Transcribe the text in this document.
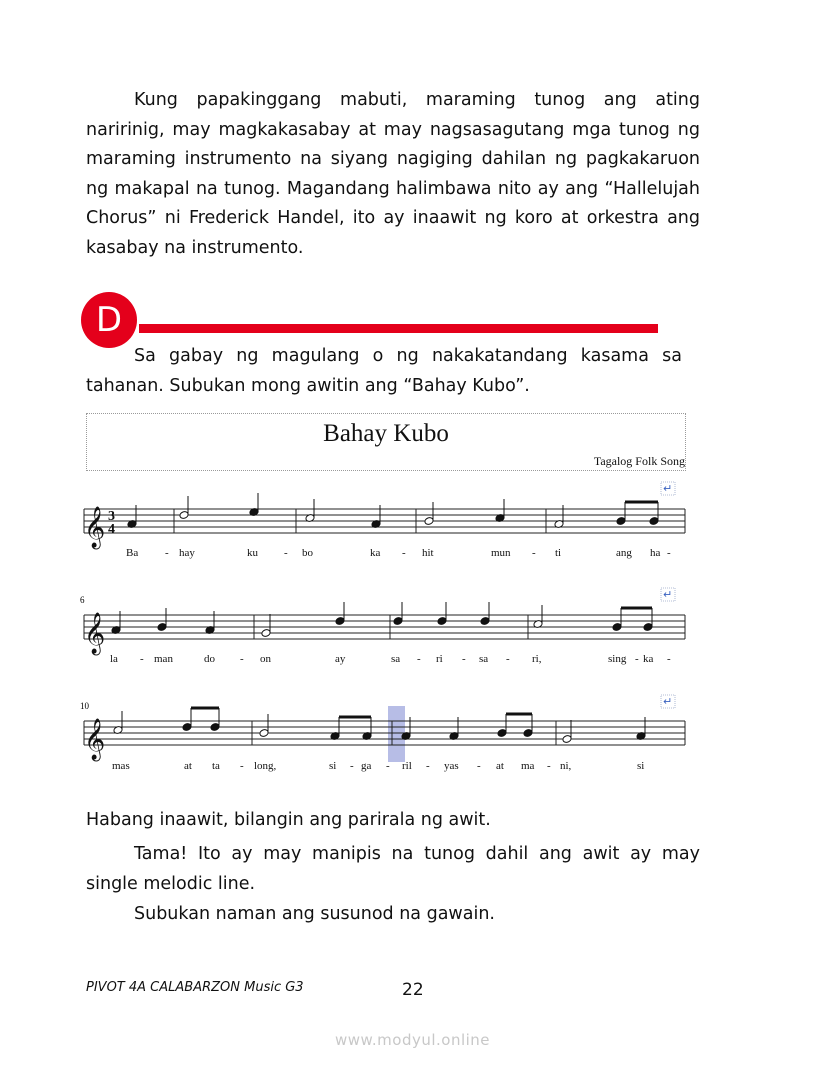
Kung papakinggang mabuti, maraming tunog ang ating naririnig, may magkakasabay at may nagsasagutang mga tunog ng maraming instrumento na siyang nagiging dahilan ng pagkakaruon ng makapal na tunog. Magandang halimbawa nito ay ang “Hallelujah Chorus” ni Frederick Handel, ito ay inaawit ng koro at orkestra ang kasabay na instrumento.

D

Sa gabay ng magulang o ng nakakatandang kasama sa tahanan. Subukan mong awitin ang “Bahay Kubo”.

Bahay Kubo
Tagalog Folk Song
𝄞
↵
↵
↵
6
10
3
4
Ba - hay	ku - bo	ka - hit	mun - ti	ang ha -
la - man	do - on	ay	sa - ri - sa - ri,	sing - ka -
mas	at ta - long,	si - ga - ril - yas - at ma - ni,	si

Habang inaawit, bilangin ang parirala ng awit.

Tama! Ito ay may manipis na tunog dahil ang awit ay may single melodic line.

Subukan naman ang susunod na gawain.

PIVOT 4A CALABARZON Music G3	22
www.modyul.online
